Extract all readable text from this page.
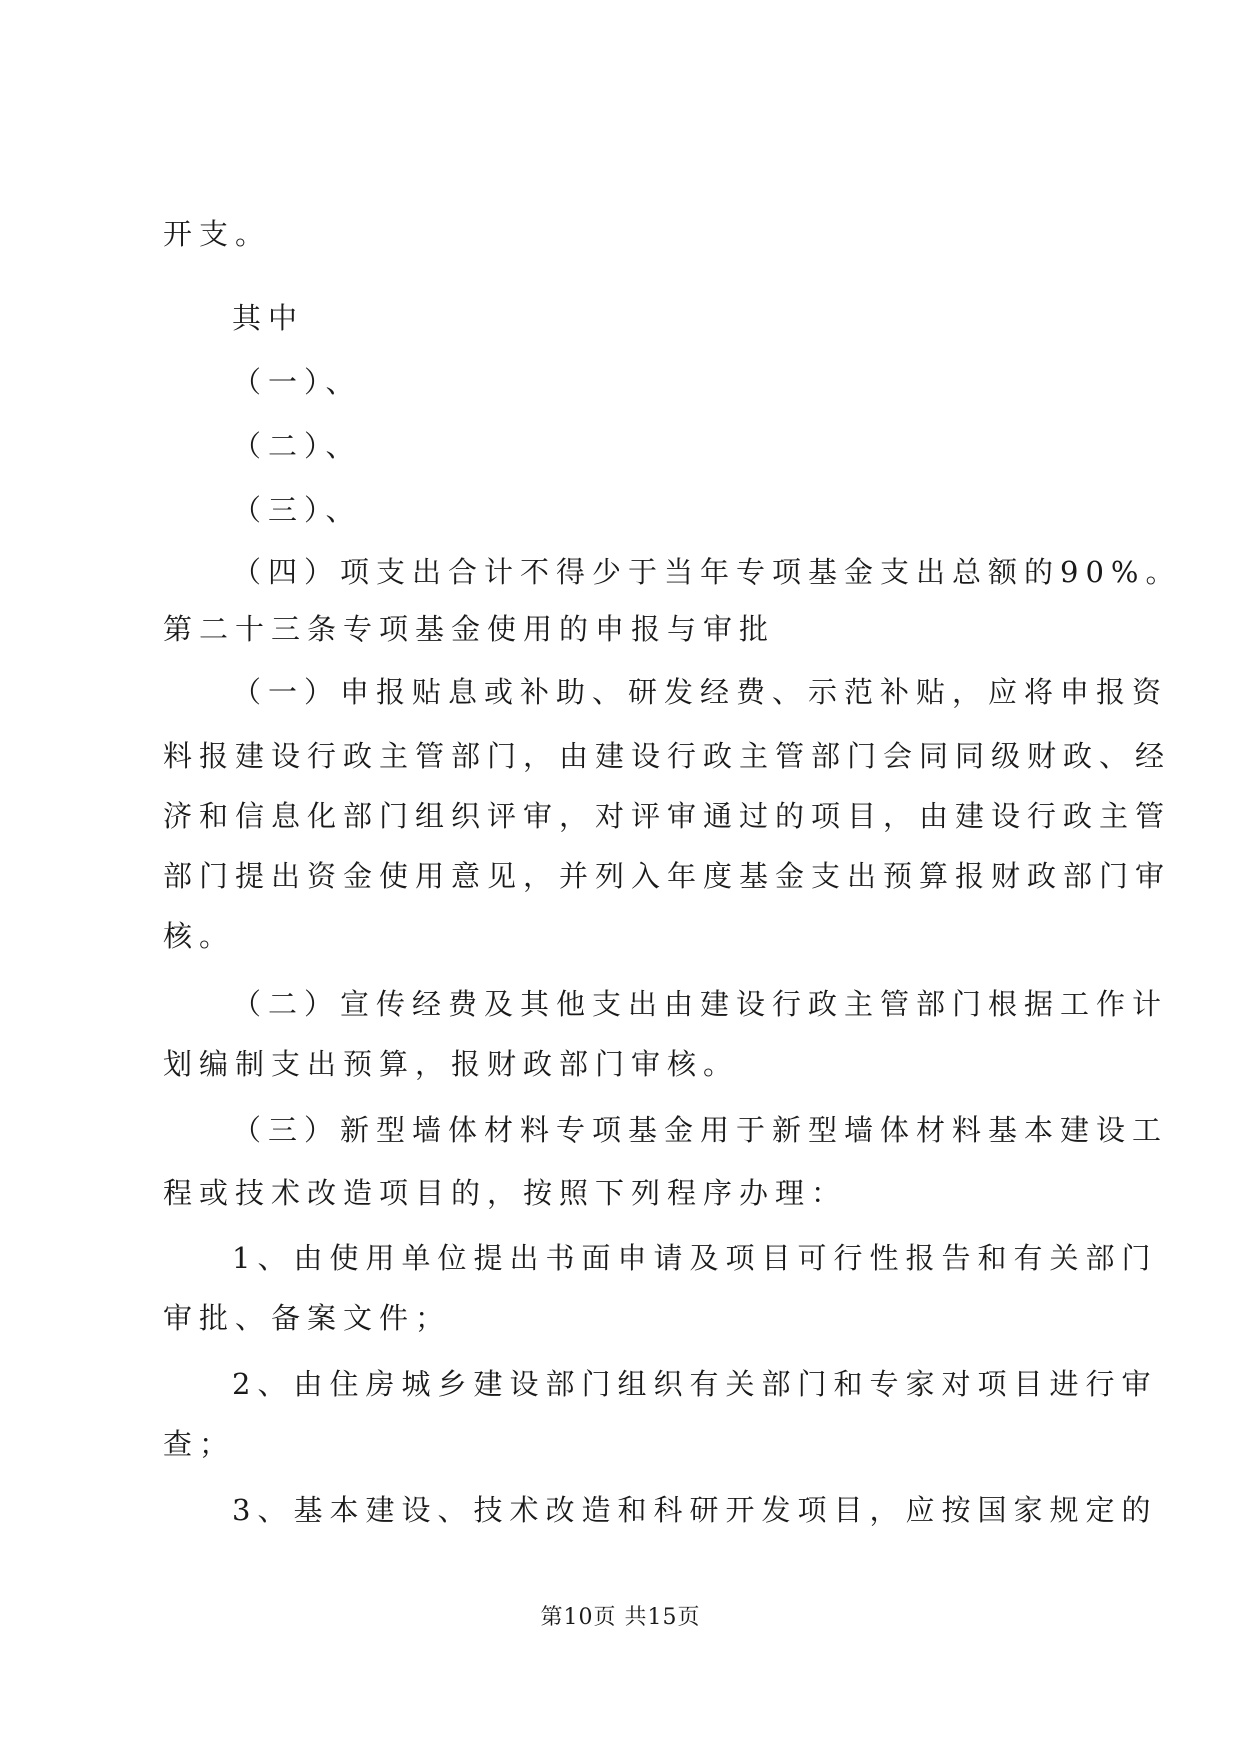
开支。
其中
（一）、
（二）、
（三）、
（四）项支出合计不得少于当年专项基金支出总额的90%。
第二十三条专项基金使用的申报与审批
（一）申报贴息或补助、研发经费、示范补贴，应将申报资
料报建设行政主管部门，由建设行政主管部门会同同级财政、经
济和信息化部门组织评审，对评审通过的项目，由建设行政主管
部门提出资金使用意见，并列入年度基金支出预算报财政部门审
核。
（二）宣传经费及其他支出由建设行政主管部门根据工作计
划编制支出预算，报财政部门审核。
（三）新型墙体材料专项基金用于新型墙体材料基本建设工
程或技术改造项目的，按照下列程序办理：
1、由使用单位提出书面申请及项目可行性报告和有关部门
审批、备案文件；
2、由住房城乡建设部门组织有关部门和专家对项目进行审
查；
3、基本建设、技术改造和科研开发项目，应按国家规定的
第10页 共15页
